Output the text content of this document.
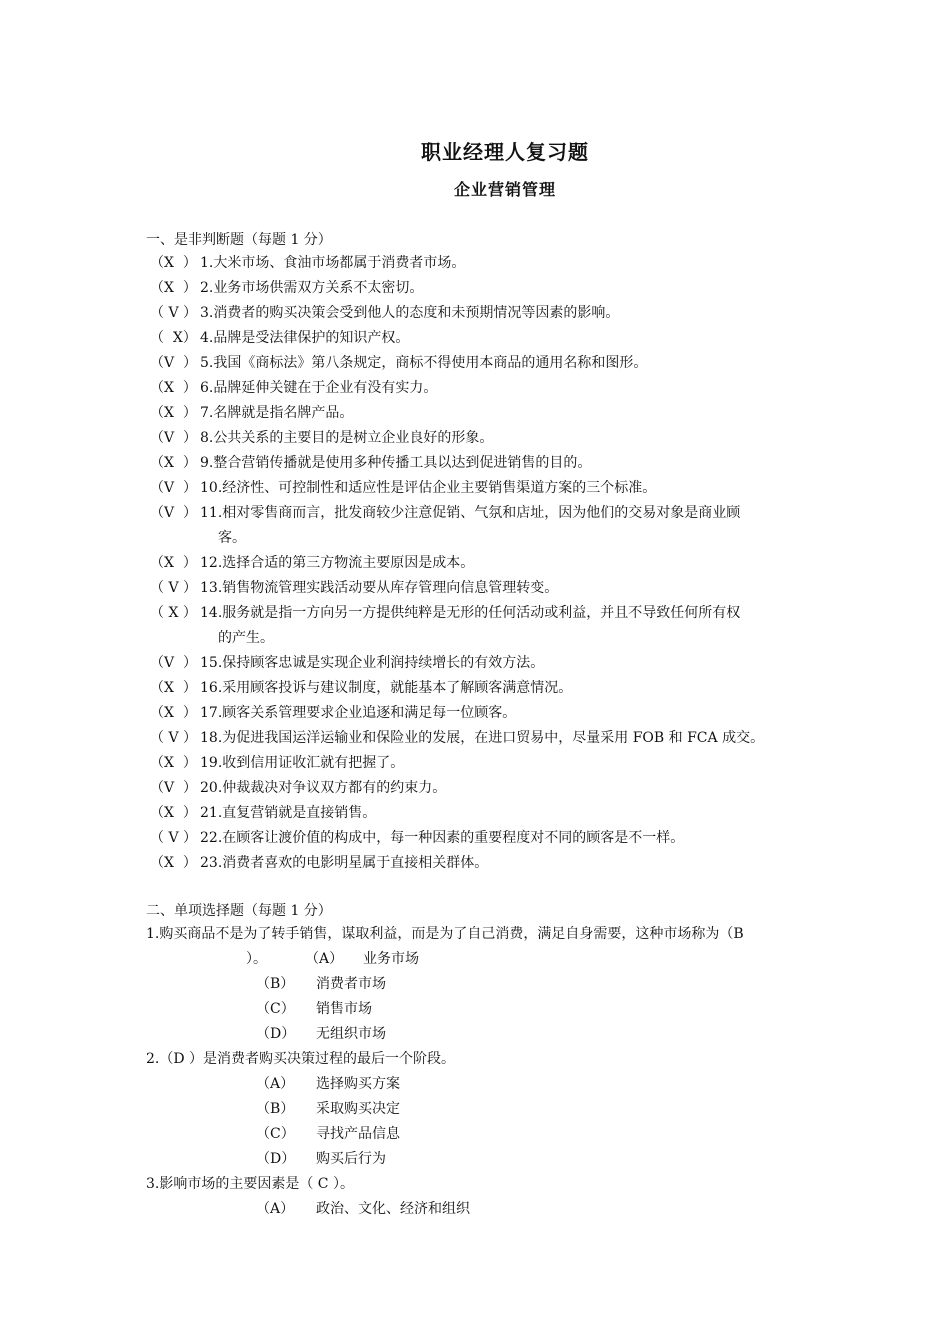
职业经理人复习题
企业营销管理
一、是非判断题（每题 1 分）
（X  ） 1.大米市场、食油市场都属于消费者市场。
（X  ） 2.业务市场供需双方关系不太密切。
（ V ） 3.消费者的购买决策会受到他人的态度和未预期情况等因素的影响。
（  X） 4.品牌是受法律保护的知识产权。
（V  ） 5.我国《商标法》第八条规定，商标不得使用本商品的通用名称和图形。
（X  ） 6.品牌延伸关键在于企业有没有实力。
（X  ） 7.名牌就是指名牌产品。
（V  ） 8.公共关系的主要目的是树立企业良好的形象。
（X  ） 9.整合营销传播就是使用多种传播工具以达到促进销售的目的。
（V  ） 10.经济性、可控制性和适应性是评估企业主要销售渠道方案的三个标准。
（V  ） 11.相对零售商而言，批发商较少注意促销、气氛和店址，因为他们的交易对象是商业顾
客。
（X  ） 12.选择合适的第三方物流主要原因是成本。
（ V ） 13.销售物流管理实践活动要从库存管理向信息管理转变。
（ X ） 14.服务就是指一方向另一方提供纯粹是无形的任何活动或利益，并且不导致任何所有权
的产生。
（V  ） 15.保持顾客忠诚是实现企业利润持续增长的有效方法。
（X  ） 16.采用顾客投诉与建议制度，就能基本了解顾客满意情况。
（X  ） 17.顾客关系管理要求企业追逐和满足每一位顾客。
（ V ） 18.为促进我国运洋运输业和保险业的发展，在进口贸易中，尽量采用 FOB 和 FCA 成交。
（X  ） 19.收到信用证收汇就有把握了。
（V  ） 20.仲裁裁决对争议双方都有的约束力。
（X  ） 21.直复营销就是直接销售。
（ V ） 22.在顾客让渡价值的构成中，每一种因素的重要程度对不同的顾客是不一样。
（X  ） 23.消费者喜欢的电影明星属于直接相关群体。
二、单项选择题（每题 1 分）
1.购买商品不是为了转手销售，谋取利益，而是为了自己消费，满足自身需要，这种市场称为（B
）。	（A） 业务市场
（B）	消费者市场
（C）	销售市场
（D）	无组织市场
2.（D ）是消费者购买决策过程的最后一个阶段。
（A）	选择购买方案
（B）	采取购买决定
（C）	寻找产品信息
（D）	购买后行为
3.影响市场的主要因素是（ C ）。
（A）	政治、文化、经济和组织
